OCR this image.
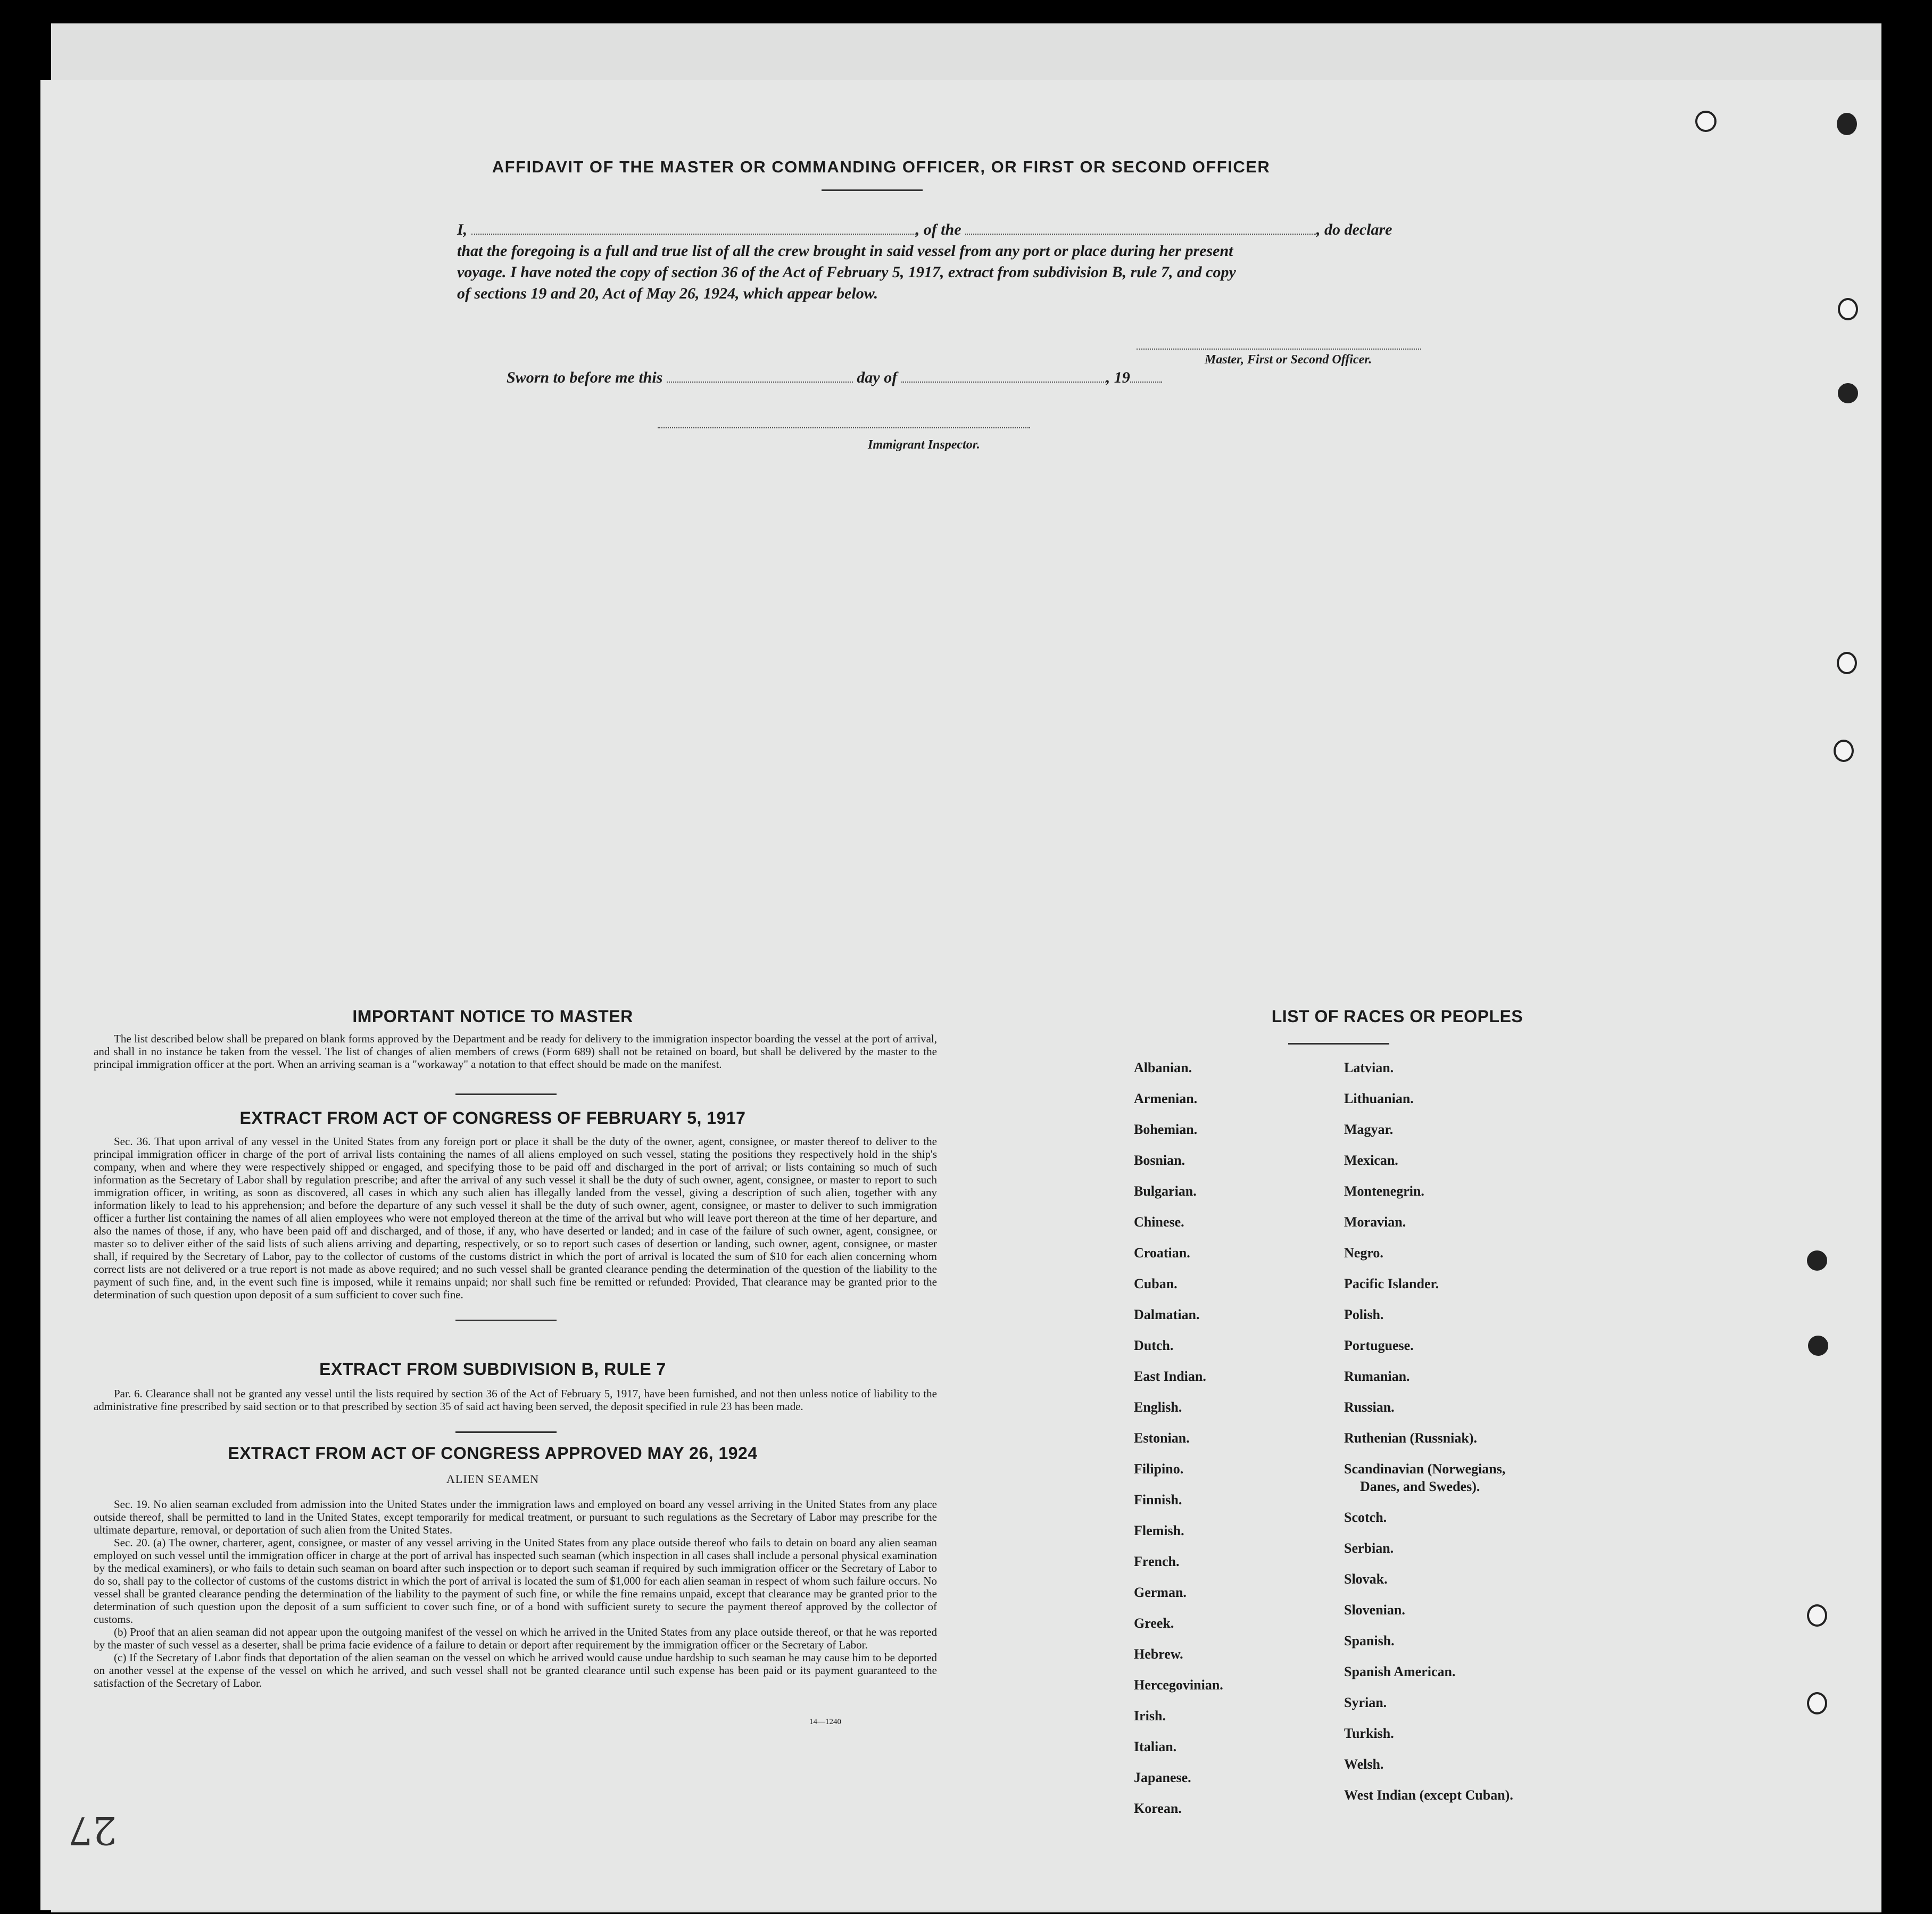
AFFIDAVIT OF THE MASTER OR COMMANDING OFFICER, OR FIRST OR SECOND OFFICER
I,	, of the	, do declare
that the foregoing is a full and true list of all the crew brought in said vessel from any port or place during her present
voyage. I have noted the copy of section 36 of the Act of February 5, 1917, extract from subdivision B, rule 7, and copy
of sections 19 and 20, Act of May 26, 1924, which appear below.
Master, First or Second Officer.
Sworn to before me this	day of	, 19
Immigrant Inspector.
IMPORTANT NOTICE TO MASTER

The list described below shall be prepared on blank forms approved by the Department and be ready for delivery to the immigration inspector boarding the vessel at the port of arrival, and shall in no instance be taken from the vessel. The list of changes of alien members of crews (Form 689) shall not be retained on board, but shall be delivered by the master to the principal immigration officer at the port. When an arriving seaman is a "workaway" a notation to that effect should be made on the manifest.

EXTRACT FROM ACT OF CONGRESS OF FEBRUARY 5, 1917

Sec. 36. That upon arrival of any vessel in the United States from any foreign port or place it shall be the duty of the owner, agent, consignee, or master thereof to deliver to the principal immigration officer in charge of the port of arrival lists containing the names of all aliens employed on such vessel, stating the positions they respectively hold in the ship's company, when and where they were respectively shipped or engaged, and specifying those to be paid off and discharged in the port of arrival; or lists containing so much of such information as the Secretary of Labor shall by regulation prescribe; and after the arrival of any such vessel it shall be the duty of such owner, agent, consignee, or master to report to such immigration officer, in writing, as soon as discovered, all cases in which any such alien has illegally landed from the vessel, giving a description of such alien, together with any information likely to lead to his apprehension; and before the departure of any such vessel it shall be the duty of such owner, agent, consignee, or master to deliver to such immigration officer a further list containing the names of all alien employees who were not employed thereon at the time of the arrival but who will leave port thereon at the time of her departure, and also the names of those, if any, who have been paid off and discharged, and of those, if any, who have deserted or landed; and in case of the failure of such owner, agent, consignee, or master so to deliver either of the said lists of such aliens arriving and departing, respectively, or so to report such cases of desertion or landing, such owner, agent, consignee, or master shall, if required by the Secretary of Labor, pay to the collector of customs of the customs district in which the port of arrival is located the sum of $10 for each alien concerning whom correct lists are not delivered or a true report is not made as above required; and no such vessel shall be granted clearance pending the determination of the question of the liability to the payment of such fine, and, in the event such fine is imposed, while it remains unpaid; nor shall such fine be remitted or refunded: Provided, That clearance may be granted prior to the determination of such question upon deposit of a sum sufficient to cover such fine.

EXTRACT FROM SUBDIVISION B, RULE 7

Par. 6. Clearance shall not be granted any vessel until the lists required by section 36 of the Act of February 5, 1917, have been furnished, and not then unless notice of liability to the administrative fine prescribed by said section or to that prescribed by section 35 of said act having been served, the deposit specified in rule 23 has been made.

EXTRACT FROM ACT OF CONGRESS APPROVED MAY 26, 1924
ALIEN SEAMEN

Sec. 19. No alien seaman excluded from admission into the United States under the immigration laws and employed on board any vessel arriving in the United States from any place outside thereof, shall be permitted to land in the United States, except temporarily for medical treatment, or pursuant to such regulations as the Secretary of Labor may prescribe for the ultimate departure, removal, or deportation of such alien from the United States.

Sec. 20. (a) The owner, charterer, agent, consignee, or master of any vessel arriving in the United States from any place outside thereof who fails to detain on board any alien seaman employed on such vessel until the immigration officer in charge at the port of arrival has inspected such seaman (which inspection in all cases shall include a personal physical examination by the medical examiners), or who fails to detain such seaman on board after such inspection or to deport such seaman if required by such immigration officer or the Secretary of Labor to do so, shall pay to the collector of customs of the customs district in which the port of arrival is located the sum of $1,000 for each alien seaman in respect of whom such failure occurs. No vessel shall be granted clearance pending the determination of the liability to the payment of such fine, or while the fine remains unpaid, except that clearance may be granted prior to the determination of such question upon the deposit of a sum sufficient to cover such fine, or of a bond with sufficient surety to secure the payment thereof approved by the collector of customs.

(b) Proof that an alien seaman did not appear upon the outgoing manifest of the vessel on which he arrived in the United States from any place outside thereof, or that he was reported by the master of such vessel as a deserter, shall be prima facie evidence of a failure to detain or deport after requirement by the immigration officer or the Secretary of Labor.

(c) If the Secretary of Labor finds that deportation of the alien seaman on the vessel on which he arrived would cause undue hardship to such seaman he may cause him to be deported on another vessel at the expense of the vessel on which he arrived, and such vessel shall not be granted clearance until such expense has been paid or its payment guaranteed to the satisfaction of the Secretary of Labor.

14—1240
LIST OF RACES OR PEOPLES
Albanian.
Armenian.
Bohemian.
Bosnian.
Bulgarian.
Chinese.
Croatian.
Cuban.
Dalmatian.
Dutch.
East Indian.
English.
Estonian.
Filipino.
Finnish.
Flemish.
French.
German.
Greek.
Hebrew.
Hercegovinian.
Irish.
Italian.
Japanese.
Korean.
Latvian.
Lithuanian.
Magyar.
Mexican.
Montenegrin.
Moravian.
Negro.
Pacific Islander.
Polish.
Portuguese.
Rumanian.
Russian.
Ruthenian (Russniak).
Scandinavian (Norwegians,
Danes, and Swedes).
Scotch.
Serbian.
Slovak.
Slovenian.
Spanish.
Spanish American.
Syrian.
Turkish.
Welsh.
West Indian (except Cuban).
27
